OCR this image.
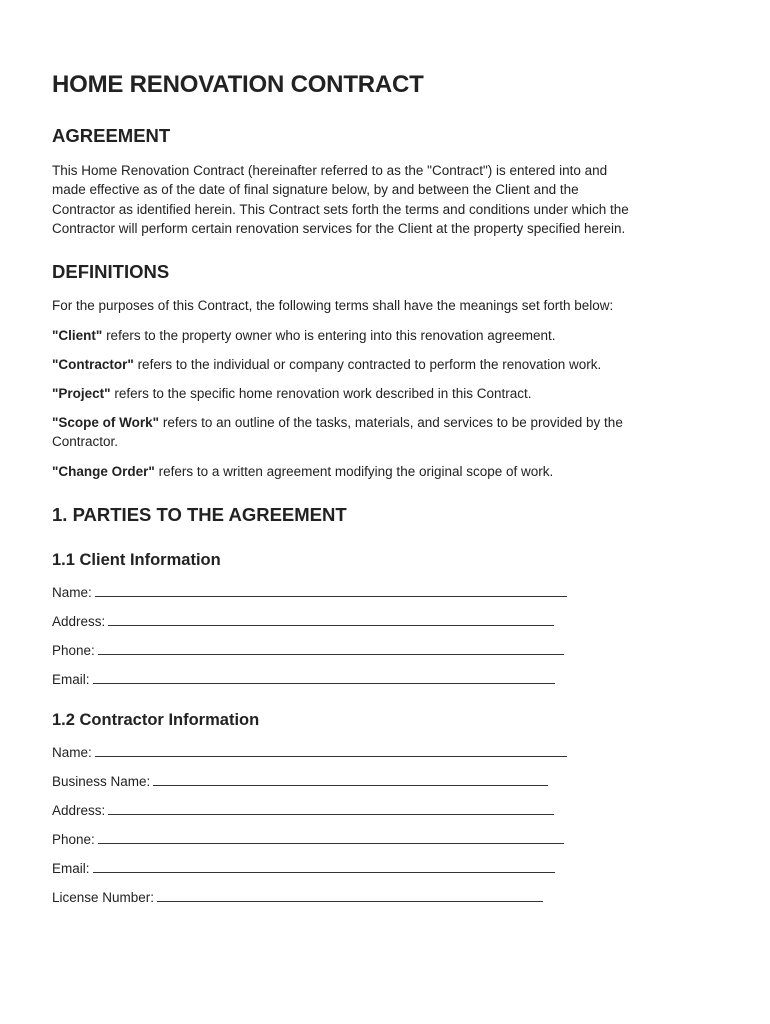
HOME RENOVATION CONTRACT
AGREEMENT
This Home Renovation Contract (hereinafter referred to as the "Contract") is entered into and
made effective as of the date of final signature below, by and between the Client and the
Contractor as identified herein. This Contract sets forth the terms and conditions under which the
Contractor will perform certain renovation services for the Client at the property specified herein.
DEFINITIONS
For the purposes of this Contract, the following terms shall have the meanings set forth below:
"Client" refers to the property owner who is entering into this renovation agreement.
"Contractor" refers to the individual or company contracted to perform the renovation work.
"Project" refers to the specific home renovation work described in this Contract.
"Scope of Work" refers to an outline of the tasks, materials, and services to be provided by the
Contractor.
"Change Order" refers to a written agreement modifying the original scope of work.
1. PARTIES TO THE AGREEMENT
1.1 Client Information
Name:
Address:
Phone:
Email:
1.2 Contractor Information
Name:
Business Name:
Address:
Phone:
Email:
License Number:
